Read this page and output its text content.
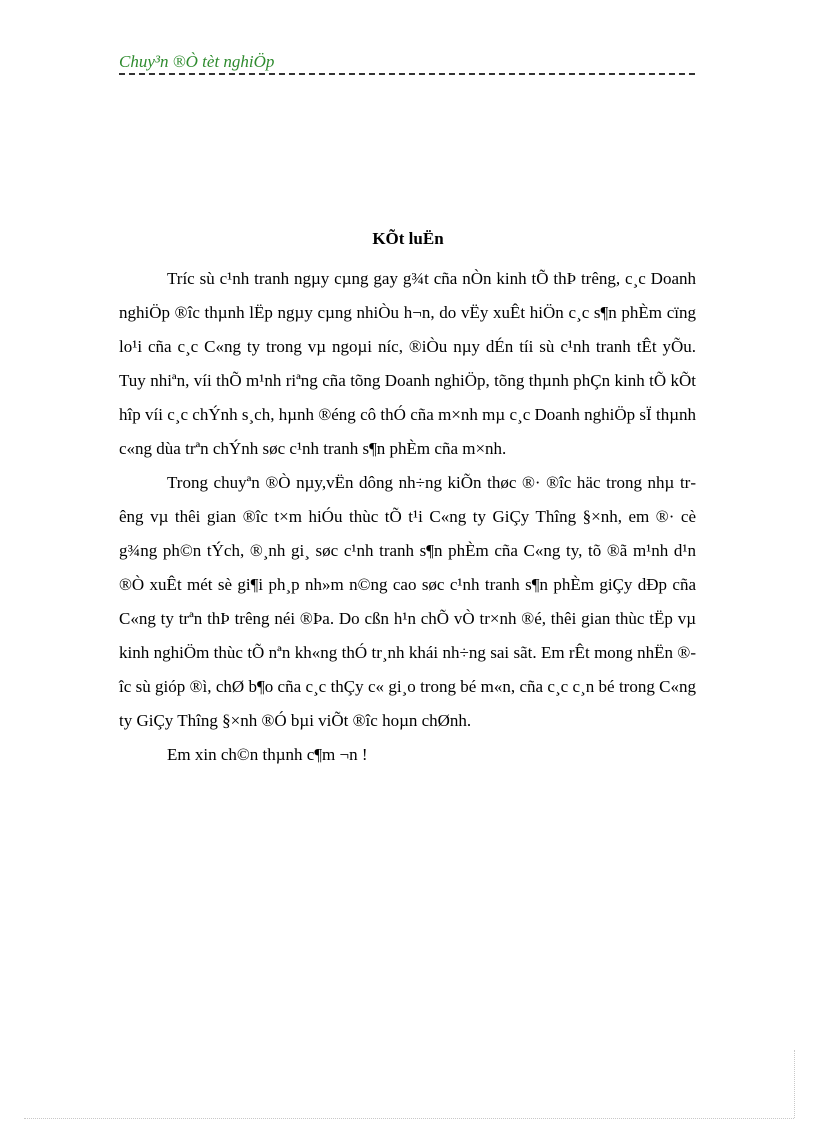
Chuy³n ®Ò tèt nghiÖp
KÕt luËn

Tríc sù c¹nh tranh ngµy cµng gay g¾t cña nÒn kinh tÕ thÞ trêng, c¸c Doanh nghiÖp ®îc thµnh lËp ngµy cµng nhiÒu h¬n, do vËy xuÊt hiÖn c¸c s¶n phÈm cïng lo¹i cña c¸c C«ng ty trong vµ ngoµi níc, ®iÒu nµy dÉn tíi sù c¹nh tranh tÊt yÕu. Tuy nhiªn, víi thÕ m¹nh riªng cña tõng Doanh nghiÖp, tõng thµnh phÇn kinh tÕ kÕt hîp víi c¸c chÝnh s¸ch, hµnh ®éng cô thÓ cña m×nh mµ c¸c Doanh nghiÖp sÏ thµnh c«ng dùa trªn chÝnh søc c¹nh tranh s¶n phÈm cña m×nh.

Trong chuyªn ®Ò nµy,vËn dông nh÷ng kiÕn thøc ®· ®îc häc trong nhµ trêng vµ thêi gian ®îc t×m hiÓu thùc tÕ t¹i C«ng ty GiÇy Thîng §×nh, em ®· cè g¾ng ph©n tÝch, ®¸nh gi¸ søc c¹nh tranh s¶n phÈm cña C«ng ty, tõ ®ã m¹nh d¹n ®Ò xuÊt mét sè gi¶i ph¸p nh»m n©ng cao søc c¹nh tranh s¶n phÈm giÇy dÐp cña C«ng ty trªn thÞ trêng néi ®Þa. Do cßn h¹n chÕ vÒ tr×nh ®é, thêi gian thùc tËp vµ kinh nghiÖm thùc tÕ nªn kh«ng thÓ tr¸nh khái nh÷ng sai sãt. Em rÊt mong nhËn ®îc sù gióp ®ì, chØ b¶o cña c¸c thÇy c« gi¸o trong bé m«n, cña c¸c c¸n bé trong C«ng ty GiÇy Thîng §×nh ®Ó bµi viÕt ®îc hoµn chØnh.

Em xin ch©n thµnh c¶m ¬n !
